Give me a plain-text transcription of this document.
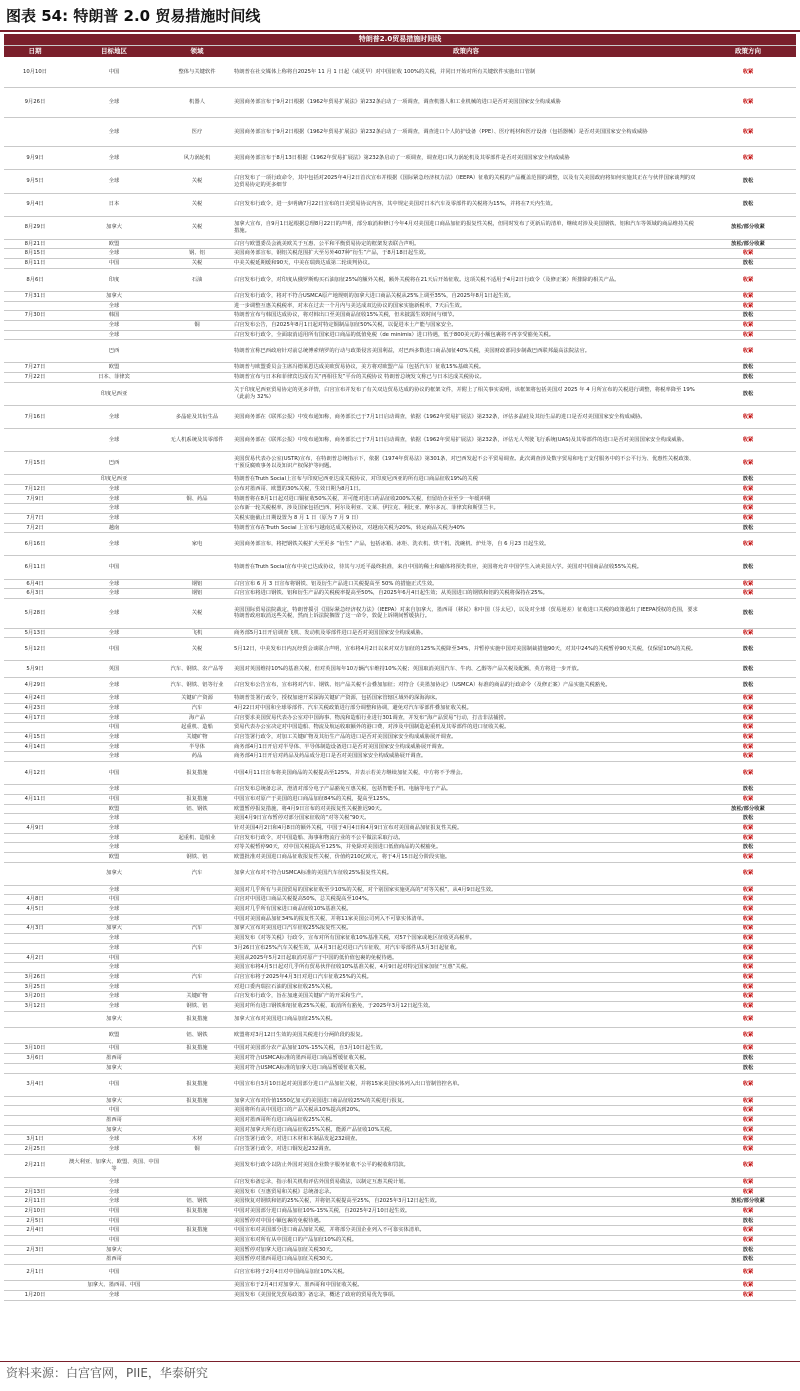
图表 54: 特朗普 2.0 贸易措施时间线
特朗普2.0贸易措施时间线				
日期	目标地区	领域	政策内容	政策方向
10月10日	中国	整体与关键软件	特朗普在社交媒体上称将自2025年 11 月 1 日起（或更早）对中国征收 100%的关税，并同日开始对所有关键软件实施出口管制	收紧
9月26日	全球	机器人	美国商务部宣布于9月2日根据《1962年贸易扩展法》第232条启动了一项调查，调查机器人和工业机械的进口是否对美国国家安全构成威胁	收紧
	全球	医疗	美国商务部宣布于9月2日根据《1962年贸易扩展法》第232条启动了一项调查，调查进口个人防护设备（PPE）、医疗耗材和医疗设备（包括器械）是否对美国国家安全构成威胁	收紧
9月9日	全球	风力涡轮机	美国商务部宣布于8月13日根据《1962年贸易扩展法》第232条启动了一项调查，调查进口风力涡轮机及其零部件是否对美国国家安全构成威胁	收紧
9月5日	全球	关税	白宫发布了一项行政命令，其中包括对2025年4月2日首次宣布并根据《国际紧急经济权力法》（IEEPA）征收的关税的产品覆盖范围的调整，以及有关美国政府将如何实施其正在与伙伴国家谈判的双边贸易协定的更多细节	放松
9月4日	日本	关税	白宫发布行政令，进一步明确7月22日宣布的日美贸易协议内容，其中规定美国对日本汽车及零部件的关税将为15%，并将在7天内生效。	放松
8月29日	加拿大	关税	加拿大宣布，自9月1日起根据总理8月22日的声明，部分取消和修订今年4月对美国进口商品加征的报复性关税，但同时发布了更新后的清单，继续对涉及美国钢铁、铝和汽车等领域的商品维持关税措施。	放松/部分收紧
8月21日	欧盟		白宫与欧盟委员会就美欧关于互惠、公平和平衡贸易协定的框架发表联合声明。	放松/部分收紧
8月15日	全球	钢、铝	美国商务部宣布，钢铝关税范围扩大至另外407种“衍生”产品，于8月18日起生效。	收紧
8月11日	中国	关税	中美关税延期缓和90天，中美在瑞典达成第二轮谈判协议。	放松
8月6日	印度	石油	白宫发布行政令，对印度从俄罗斯购买石油加征25%的额外关税，额外关税将在21天后开始征收。这项关税不适用于4月2日行政令（及修正案）所排除的相关产品。	收紧
7月31日	加拿大		白宫发布行政令，将对不符合USMCA原产地规则的加拿大进口商品关税从25%上调至35%，自2025年8月1日起生效。	收紧
	全球		进一步调整互惠关税税率，对未在过去一个月内与美达成双边协议的国家实施新税率，7天后生效。	收紧
7月30日	韩国		特朗普宣布与韩国达成协议，将对韩出口至美国商品征收15%关税，但未披露生效时间与细节。	放松
	全球	铜	白宫发布公告，自2025年8月1日起对特定铜制品加征50%关税，以促进本土产能与国家安全。	收紧
	全球		白宫发布行政令，全面取消适用所有国家进口商品的低值免税（de minimis）进口待遇，低于800美元的小额包裹将不再享受豁免关税。	收紧
	巴西		特朗普宣称巴西政府针对前总统博索纳罗的行动与政策侵害美国利益，对巴西多数进口商品加征40%关税，美国财政部同步制裁巴西联邦最高法院法官。	收紧
7月27日	欧盟		特朗普与欧盟委员会主席冯德莱恩达成美欧贸易协议，美方将对欧盟产品（包括汽车）征收15%基础关税。	放松
7月22日	日本、菲律宾		特朗普宣布与日本和菲律宾达成有关“再相往发”平台的关税协议 特朗普总统发文称已与日本达成关税协议。	放松
	印度尼西亚		关于印度尼西亚贸易协定的更多详情，白宫宣布并发布了有关双边贸易达成的协议的框架文件，并附上了相关事实说明，该框架将包括美国对 2025 年 4 月所宣布的关税进行调整，将税率降至 19%（此前为 32%）	放松
7月16日	全球	多晶硅及其衍生品	美国商务部在《联邦公报》中发布通知称，商务部长已于7月1日启动调查，依据《1962年贸易扩展法》第232条，评估多晶硅及其衍生品的进口是否对美国国家安全构成威胁。	收紧
	全球	无人机系统及其零部件	美国商务部在《联邦公报》中发布通知称，商务部长已于7月1日启动调查，依据《1962年贸易扩展法》第232条，评估无人驾驶飞行系统(UAS)及其零部件的进口是否对美国国家安全构成威胁。	收紧
7月15日	巴西		美国贸易代表办公室(USTR)宣布，在特朗普总统指示下，依据《1974年贸易法》第301条，对巴西发起不公平贸易调查。此次调查涉及数字贸易和电子支付服务中的不公平行为、优惠性关税政策、干预反腐败事务以及知识产权保护等问题。	收紧
	印度尼西亚		特朗普在Truth Social上宣布与印度尼西亚达成关税协议，对印度尼西亚的所有进口商品征收19%的关税	放松
7月12日	全球		公布对墨西哥、欧盟的30%关税，生效日期为8月1日。	收紧
7月9日	全球	铜、药品	特朗普将在8月1日起对进口铜征收50%关税，并可能对进口药品征收200%关税，但留给企业至少一年缓冲期	收紧
	全球		公布新一轮关税税率，涉及国家包括巴西、阿尔及利亚、文莱、伊拉克、利比亚、摩尔多瓦、菲律宾和斯里兰卡。	收紧
7月7日	全球		关税实施截止日期设置为 8 月 1 日（原为 7 月 9 日）	收紧
7月2日	越南		特朗普宣布在Truth Social 上宣布与越南达成关税协议，对越南关税为20%，转运商品关税为40%	放松
6月16日	全球	家电	美国商务部宣布，将把钢铁关税扩大至更多 “衍生” 产品，包括冰箱、冰柜、洗衣机、烘干机、洗碗机、炉灶等，自 6 月23 日起生效。	收紧
6月11日	中国		特朗普在Truth Social宣布中美已达成协议，待其与习近平最终批准，来自中国的稀土和磁体将预先供应，美国将允许中国学生入读美国大学。美国对中国商品征收55%关税。	放松
6月4日	全球	钢铝	白宫宣布 6 月 3 日宣布将钢铁、铝及衍生产品进口关税提高至 50% 的措施正式生效。	收紧
6月3日	全球	钢铝	白宫宣布将进口钢铁、铝和衍生产品的关税税率提高至50%，自2025年6月4日起生效；从英国进口的钢铁和铝的关税将保持在25%。	收紧
5月28日	全球	关税	美国国际贸易法院裁定，特朗普援引《国际紧急经济权力法》（IEEPA）对来自加拿大、墨西哥（移民）和中国（芬太尼），以及对全球（贸易逆差）征收进口关税的政策超出了IEEPA授权的范围，要求特朗普政府取消这些关税，然而上诉法院搁置了这一命令，敦促上诉期间暂缓执行。	放松
5月13日	全球	飞机	商务部5月1日开启调查飞机、发动机及零部件进口是否对美国国家安全构成威胁。	收紧
5月12日	中国	关税	5月12日，中美发布日内瓦经贸会谈联合声明，宣布将4月2日以来对双方加征的125%关税降至34%，并暂停实施中国对美国制裁措施90天，对其中24%的关税暂停90天关税，仅保留10%的关税。	放松
5月9日	英国	汽车、钢铁、农产品等	美国对英国维持10%的基准关税，但对英国每年10万辆汽车维持10%关税；英国取消美国汽车、牛肉、乙醇等产品关税及配额，英方将进一步开放。	放松
4月29日	全球	汽车、钢铁、铝等行业	白宫发布公告宣布，宣布将对汽车、钢铁、铝产品关税不会叠加加征；对符合《美墨加协定》（USMCA）标准的商品的行政命令（及修正案）产品实施关税豁免。	放松
4月24日	全球	关键矿产资源	特朗普签署行政令，授权加速开采深海关键矿产资源，包括国家管辖区域外的深海海床。	收紧
4月23日	全球	汽车	4月22日对中国和全球零部件、汽车关税政策进行部分调整和协调，避免对汽车零部件叠加征收关税。	收紧
4月17日	全球	海产品	白宫要求美国贸易代表办公室对中国海事、物流和造船行业进行301调查，并发布“海产品贸易”行动，打击非法捕捞。	收紧
	中国	起重机、造船	贸易代表办公室决定对中国造船、物流及航运收取额外的港口费，对涉及中国制造起重机及其零部件的进口征收关税。	收紧
4月15日	全球	关键矿物	白宫签署行政令，对加工关键矿物及其衍生产品的进口是否对美国国家安全构成威胁展开调查。	收紧
4月14日	全球	半导体	商务部4月1日开启对半导体、半导体制造设备进口是否对美国国家安全构成威胁展开调查。	收紧
	全球	药品	商务部4月1日开启对药品及药品成分进口是否对美国国家安全构成威胁展开调查。	收紧
4月12日	中国	报复措施	中国4月11日宣布将美国商品的关税提高至125%，并表示若美方继续加征关税，中方将不予理会。	收紧
	全球		白宫发布总统备忘录，澄清对部分电子产品豁免互惠关税，包括智能手机、电脑等电子产品。	放松
4月11日	中国	报复措施	中国宣布对原产于美国的进口商品加征84%的关税，提高至125%。	收紧
	欧盟	铝、钢铁	欧盟暂停报复措施，将4月9日宣布的对美报复性关税推迟90天。	放松/部分收紧
	全球		美国4月9日宣布暂停对部分国家征收的“对等关税”90天。	放松
4月9日	全球		针对美国4月2日和4月8日的额外关税，中国于4月4日和4月9日宣布对美国商品加征报复性关税。	收紧
	全球	起重机、造船业	白宫发布行政令，对中国造船、海事和物流行业的不公平做法采取行动。	收紧
	全球		对等关税暂停90天，对中国关税提高至125%，并免除对美国进口低值商品的关税豁免。	放松
	欧盟	钢铁、铝	欧盟批准对美国进口商品征收报复性关税，价值约210亿欧元，将于4月15日起分阶段实施。	收紧
	加拿大	汽车	加拿大宣布对不符合USMCA标准的美国汽车征收25%报复性关税。	收紧
	全球		美国对几乎所有与美国贸易的国家征收至少10%的关税，对个别国家实施更高的“对等关税”，从4月9日起生效。	收紧
4月8日	中国		白宫对中国进口商品关税提高50%，总关税提高至104%。	收紧
4月5日	全球		美国对几乎所有国家进口商品征收10%基准关税。	收紧
	全球		中国对美国商品加征34%的报复性关税，并将11家美国公司列入不可靠实体清单。	收紧
4月3日	加拿大	汽车	加拿大宣布对美国进口汽车征收25%报复性关税。	收紧
	全球		美国发布《对等关税》行政令，宣布对所有国家征收10%基准关税，对57个国家或地区征收更高税率。	收紧
	全球	汽车	3月26日宣布25%汽车关税生效，从4月3日起对进口汽车征收，对汽车零部件从5月3日起征收。	收紧
4月2日	中国		美国从2025年5月2日起取消对原产于中国的低价值包裹的免税待遇。	收紧
	全球		美国宣布将4月5日起对几乎所有贸易伙伴征收10%基准关税，4月9日起对特定国家加征“互惠”关税。	收紧
3月26日	全球	汽车	白宫宣布将于2025年4月3日对进口汽车征收25%的关税。	收紧
3月25日	全球		对进口委内瑞拉石油的国家征收25%关税。	收紧
3月20日	全球	关键矿物	白宫发布行政令，旨在加速美国关键矿产的开采和生产。	收紧
3月12日	全球	钢铁、铝	美国对所有进口钢铁和铝征收25%关税，取消所有豁免，于2025年3月12日起生效。	收紧
	加拿大	报复措施	加拿大宣布对美国进口商品加征25%关税。	收紧
	欧盟	铝、钢铁	欧盟将对3月12日生效的美国关税进行分两阶段的报复。	收紧
3月10日	中国	报复措施	中国对美国部分农产品加征10%-15%关税，自3月10日起生效。	收紧
3月6日	墨西哥		美国对符合USMCA标准的墨西哥进口商品暂缓征收关税。	放松
	加拿大		美国对符合USMCA标准的加拿大进口商品暂缓征收关税。	放松
3月4日	中国	报复措施	中国宣布自3月10日起对美国部分进口产品加征关税，并将15家美国实体列入出口管制管控名单。	收紧
	加拿大	报复措施	加拿大宣布对价值1550亿加元的美国进口商品征收25%的关税进行报复。	收紧
	中国		美国将所有从中国进口的产品关税从10%提高到20%。	收紧
	墨西哥		美国对墨西哥所有进口商品征收25%关税。	收紧
	加拿大		美国对加拿大所有进口商品征收25%关税，能源产品征收10%关税。	收紧
3月1日	全球	木材	白宫签署行政令，对进口木材和木制品发起232调查。	收紧
2月25日	全球	铜	白宫签署行政令，对进口铜发起232调查。	收紧
2月21日	澳大利亚、加拿大、欧盟、英国、中国等		美国发布行政令以防止外国对美国企业数字服务征收不公平的税收和罚款。	收紧
	全球		白宫发布备忘录，指示相关机构评估外国贸易做法，以制定互惠关税计划。	收紧
2月13日	全球		美国发布《互惠贸易和关税》总统备忘录。	收紧
2月11日	全球	铝、钢铁	美国恢复对钢铁和铝的25%关税，并将铝关税提高至25%，自2025年3月12日起生效。	放松/部分收紧
2月10日	中国	报复措施	中国对美国部分进口商品加征10%-15%关税，自2025年2月10日起生效。	收紧
2月5日	中国		美国暂停对中国小额包裹的免税待遇。	放松
2月4日	中国	报复措施	中国宣布对美国部分进口商品加征关税，并将部分美国企业列入不可靠实体清单。	收紧
	中国		美国宣布对所有从中国进口的产品加征10%的关税。	收紧
2月3日	加拿大		美国暂停对加拿大进口商品加征关税30天。	放松
	墨西哥		美国暂停对墨西哥进口商品加征关税30天。	放松
2月1日	中国		白宫宣布将于2月4日对中国商品加征10%关税。	收紧
	加拿大、墨西哥、中国		美国宣布于2月4日对加拿大、墨西哥和中国征收关税。	收紧
1月20日	全球		美国发布《美国优先贸易政策》备忘录，概述了政府的贸易优先事项。	收紧
资料来源：白宫官网，PIIE，华泰研究
